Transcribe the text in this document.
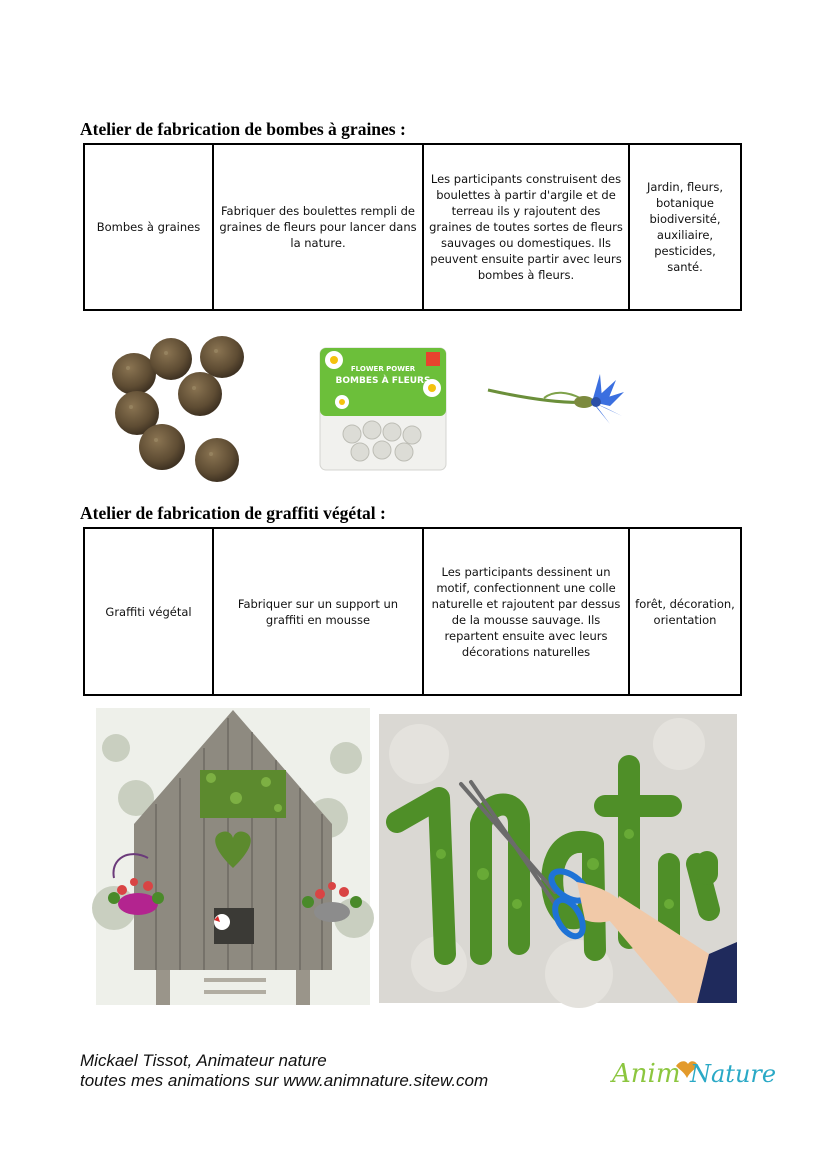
Atelier de fabrication de bombes à graines :
Bombes à graines	Fabriquer des boulettes rempli de graines de fleurs pour lancer dans la nature.	Les participants construisent des boulettes à partir d'argile et de terreau ils y rajoutent des graines de toutes sortes de fleurs sauvages ou domestiques. Ils peuvent ensuite partir avec leurs bombes à fleurs.	Jardin, fleurs, botanique biodiversité, auxiliaire, pesticides, santé.
FLOWER POWER
BOMBES À FLEURS
Atelier de fabrication de graffiti végétal :
Graffiti végétal	Fabriquer sur un support un graffiti en mousse	Les participants dessinent un motif, confectionnent une colle naturelle et rajoutent par dessus de la mousse sauvage. Ils repartent ensuite avec leurs décorations naturelles	forêt, décoration, orientation
Mickael Tissot, Animateur nature
toutes mes animations sur www.animnature.sitew.com	Anim Nature
